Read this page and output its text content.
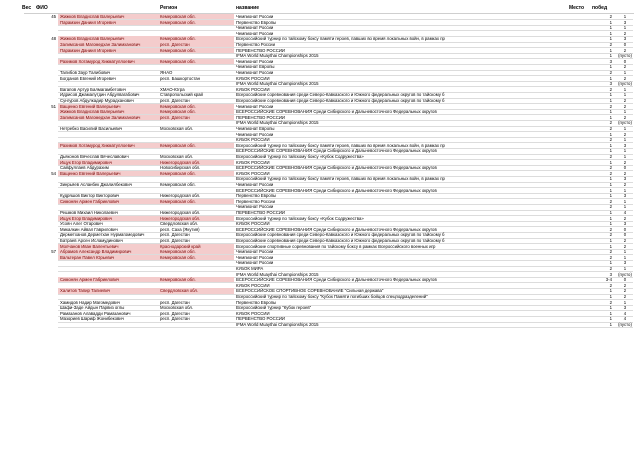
Вес ФИО	Регион	название	Место побед
45 Жижков Владислав Валерьевич	Кемеровская обл.	Чемпионат России	2	1
Парамзин Даниил Игоревич	Кемеровская обл.	Первенство Европы	1	3
Чемпионат России	1	1
Чемпионат России	1	2
48 Жижков Владислав Валерьевич	Кемеровская обл.	Всероссийский турнир по тайскому боксу памяти героев, павших во время локальных войн, в рамках пр	1	3
Залимсанов Магомедхан Залимханович	респ. Дагестан	Первенство России	2	0
Парамзин Даниил Игоревич	Кемеровская обл.	ПЕРВЕНСТВО РОССИИ	1	2
IFMA World Muaythai Championships 2015	1	(пусто)
Рахимов Хотамурод Хикматуллоевич	Кемеровская обл.	Чемпионат России	3	0
Чемпионат Европы	1	2
Талибов Заур Талибович	ЯНАО	Чемпионат России	2	1
Богданов Евгений Игоревич	респ. Башкортостан	КУБОК РОССИИ	1	2
IFMA World Muaythai Championships 2015	3	(пусто)
Вагапов Артур Балмагамбетович	ХМАО-Югра	КУБОК РОССИИ	2	1
Идрисов Джамалутдин Абдулвагабович	Ставропольский край	Всероссийские соревнования среди Северо-Кавказского и Южного федеральных округов по тайскому б	1	1
Сунгуров Абдулкадир Мурадханович	респ. Дагестан	Всероссийские соревнования среди Северо-Кавказского и Южного федеральных округов по тайскому б	1	2
51 Ващенко Евгений Валерьевич	Кемеровская обл.	Чемпионат России	2	2
Жижков Владислав Валерьевич	Кемеровская обл.	ВСЕРОССИЙСКИЕ СОРЕВНОВАНИЯ Среди Сибирского и Дальневосточного Федеральных округов	1	1
Залимсанов Магомедхан Залимханович	респ. Дагестан	ПЕРВЕНСТВО РОССИИ	1	2
IFMA World Muaythai Championships 2015	2	(пусто)
Нетребко Василий Васильевич	Московская обл.	Чемпионат Европы	2	1
Чемпионат России	1	2
КУБОК РОССИИ	2	1
Рахимов Хотамурод Хикматуллоевич	Кемеровская обл.	Всероссийский турнир по тайскому боксу памяти героев, павших во время локальных войн, в рамках пр	1	3
ВСЕРОССИЙСКИЕ СОРЕВНОВАНИЯ Среди Сибирского и Дальневосточного Федеральных округов	1	1
Дьяконов Вячеслав Вячеславович	Московская обл.	Всероссийский турнир по тайскому боксу «Кубок Содружества»	2	1
Ищук Егор Владимирович	Нижегородская обл.	КУБОК РОССИИ	1	2
Сайфуллаев Абдурахим	Новосибирская обл.	ВСЕРОССИЙСКИЕ СОРЕВНОВАНИЯ Среди Сибирского и Дальневосточного Федеральных округов	2	0
54 Ващенко Евгений Валерьевич	Кемеровская обл.	КУБОК РОССИИ	2	2
Всероссийский турнир по тайскому боксу памяти героев, павших во время локальных войн, в рамках пр	1	3
Зинрьяев Асланбек Джалилбекович	Кемеровская обл.	Чемпионат России	1	2
ВСЕРОССИЙСКИЕ СОРЕВНОВАНИЯ Среди Сибирского и Дальневосточного Федеральных округов	1	1
Кудряшов Виктор Викторович	Нижегородская обл.	Первенство Европы	1	3
Симонян Армен Габриелович	Кемеровская обл.	Первенство России	2	1
Чемпионат России	2	1
Решмов Михаил Николаевич	Нижегородская обл.	ПЕРВЕНСТВО РОССИИ	1	4
Ищук Егор Владимирович	Нижегородская обл.	Всероссийский турнир по тайскому боксу «Кубок Содружества»	1	2
Усоян Алег Отарович	Свердловская обл.	КУБОК РОССИИ	1	3
Микалкин Айвал Гаврилович	респ. Саха (Якутия)	ВСЕРОССИЙСКИЕ СОРЕВНОВАНИЯ Среди Сибирского и Дальневосточного Федеральных округов	2	0
Дерметханов Дерметхан Нурмагомедович	респ. Дагестан	Всероссийские соревнования среди Северо-Кавказского и Южного федеральных округов по тайскому б	2	0
Батраев Арсен Исламудинович	респ. Дагестан	Всероссийские соревнования среди Северо-Кавказского и Южного федеральных округов по тайскому б	1	2
Молчанов Иван Валентьевич	Краснодарский край	Всероссийские спортивные соревнования по тайскому боксу в рамках Всероссийского военных игр	1	2
57 Абрамов Александр Владимирович	Кемеровская обл.	Чемпионат России	2	1
Вальтеран Павел Юрьевич	Кемеровская обл.	Чемпионат России	2	1
Чемпионат России	1	3
КУБОК МИРА	2	1
IFMA World Muaythai Championships 2015	3	(пусто)
Симонян Армен Габриелович	Кемеровская обл.	ВСЕРОССИЙСКИЕ СОРЕВНОВАНИЯ Среди Сибирского и Дальневосточного Федеральных округов	3-4	0
КУБОК РОССИИ	2	2
Халитов Тапир Талиевич	Свердловская обл.	ВСЕРОССИЙСКОЕ СПОРТИВНОЕ СОРЕВНОВАНИЕ "Сильная держава"	1	2
Всероссийский турнир по тайскому боксу "Кубок Памяти погибших бойцов спецподразделений"	1	2
Хамидов Надир Магомедович	респ. Дагестан	Первенство Европы	2	1
Шафи-Заде Айдын Парвиз оглы	Московская обл.	Всероссийский турнир "Кубок героев"	1	3
Рамазанов Алавадди Рамазанович	респ. Дагестан	КУБОК РОССИИ	1	4
Мазориев Шариф Жонибекович	респ. Дагестан	ПЕРВЕНСТВО РОССИИ	1	4
IFMA World Muaythai Championships 2015	1	(пусто)
